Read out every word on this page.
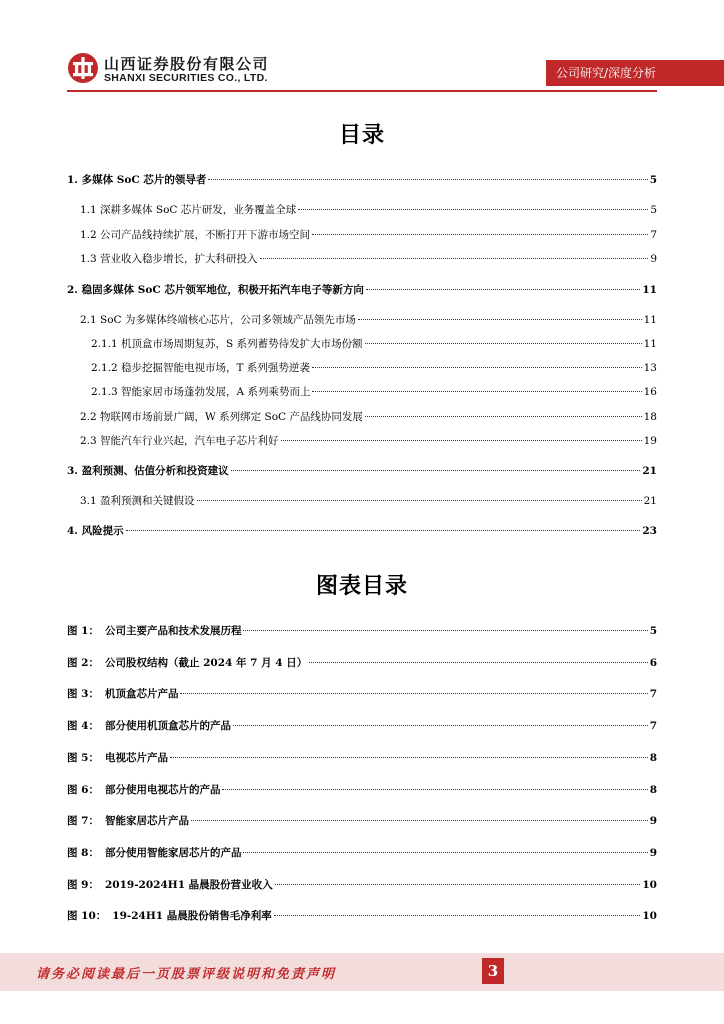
山西证券股份有限公司
SHANXI SECURITIES CO., LTD.	公司研究/深度分析
目录
1. 多媒体 SoC 芯片的领导者	5
1.1 深耕多媒体 SoC 芯片研发，业务覆盖全球	5
1.2 公司产品线持续扩展，不断打开下游市场空间	7
1.3 营业收入稳步增长，扩大科研投入	9
2. 稳固多媒体 SoC 芯片领军地位，积极开拓汽车电子等新方向	11
2.1 SoC 为多媒体终端核心芯片，公司多领域产品领先市场	11
2.1.1 机顶盒市场周期复苏，S 系列蓄势待发扩大市场份额	11
2.1.2 稳步挖掘智能电视市场，T 系列强势逆袭	13
2.1.3 智能家居市场蓬勃发展，A 系列乘势而上	16
2.2 物联网市场前景广阔，W 系列绑定 SoC 产品线协同发展	18
2.3 智能汽车行业兴起，汽车电子芯片利好	19
3. 盈利预测、估值分析和投资建议	21
3.1 盈利预测和关键假设	21
4. 风险提示	23
图表目录
图 1： 公司主要产品和技术发展历程	5
图 2： 公司股权结构（截止 2024 年 7 月 4 日）	6
图 3： 机顶盒芯片产品	7
图 4： 部分使用机顶盒芯片的产品	7
图 5： 电视芯片产品	8
图 6： 部分使用电视芯片的产品	8
图 7： 智能家居芯片产品	9
图 8： 部分使用智能家居芯片的产品	9
图 9： 2019-2024H1 晶晨股份营业收入	10
图 10： 19-24H1 晶晨股份销售毛净利率	10
请务必阅读最后一页股票评级说明和免责声明	3
